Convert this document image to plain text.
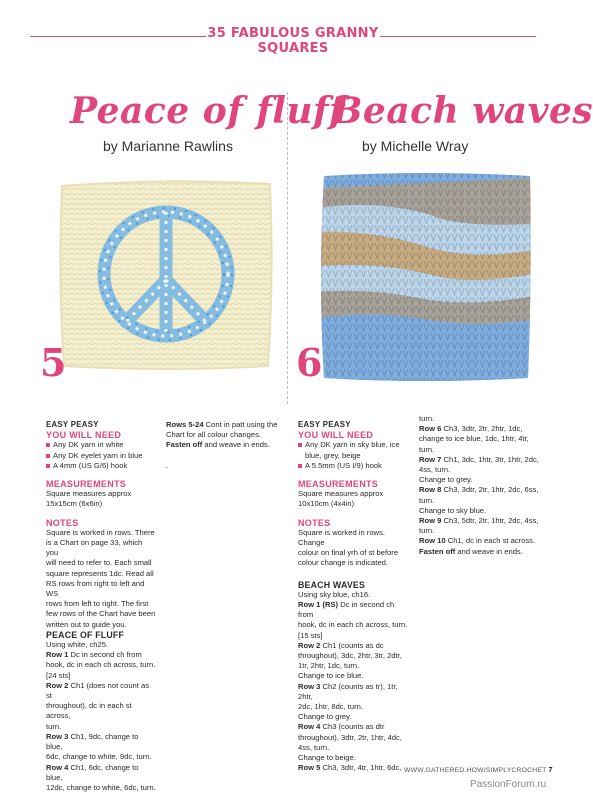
35 FABULOUS GRANNY SQUARES
Peace of fluff
by Marianne Rawlins
5
Beach waves
by Michelle Wray
6

EASY PEASY

YOU WILL NEED

Any DK yarn in white

Any DK eyelet yarn in blue

A 4mm (US G/6) hook

MEASUREMENTS

Square measures approx

15x15cm (6x6in)

NOTES

Square is worked in rows. There

is a Chart on page 33, which you

will need to refer to. Each small

square represents 1dc. Read all

RS rows from right to left and WS

rows from left to right. The first

few rows of the Chart have been

written out to guide you.

PEACE OF FLUFF

Using white, ch25.

Row 1 Dc in second ch from

hook, dc in each ch across, turn.

[24 sts]

Row 2 Ch1 (does not count as st

throughout), dc in each st across,

turn.

Row 3 Ch1, 9dc, change to blue,

6dc, change to white, 9dc, turn.

Row 4 Ch1, 6dc, change to blue,

12dc, change to white, 6dc, turn.

Rows 5-24 Cont in patt using the

Chart for all colour changes.

Fasten off and weave in ends.

.

EASY PEASY

YOU WILL NEED

Any DK yarn in sky blue, ice

blue, grey, beige

A 5.5mm (US I/9) hook

MEASUREMENTS

Square measures approx

10x10cm (4x4in)

NOTES

Square is worked in rows. Change

colour on final yrh of st before

colour change is indicated.

BEACH WAVES

Using sky blue, ch16.

Row 1 (RS) Dc in second ch from

hook, dc in each ch across, turn.

[15 sts]

Row 2 Ch1 (counts as dc

throughout), 3dc, 2htr, 3tr, 2dtr,

1tr, 2htr, 1dc, turn.

Change to ice blue.

Row 3 Ch2 (counts as tr), 1tr, 2htr,

2dc, 1htr, 8dc, turn.

Change to grey.

Row 4 Ch3 (counts as dtr

throughout), 3dtr, 2tr, 1htr, 4dc,

4ss, turn.

Change to beige.

Row 5 Ch3, 3dtr, 4tr, 1htr, 6dc,

turn.

Row 6 Ch3, 3dtr, 2tr, 2htr, 1dc,

change to ice blue, 1dc, 1htr, 4tr,

turn.

Row 7 Ch1, 3dc, 1htr, 3tr, 1htr, 2dc,

4ss, turn.

Change to grey.

Row 8 Ch3, 3dtr, 2tr, 1htr, 2dc, 6ss,

turn.

Change to sky blue.

Row 9 Ch3, 5dtr, 2tr, 1htr, 2dc, 4ss,

turn.

Row 10 Ch1, dc in each st across.

Fasten off and weave in ends.

WWW.GATHERED.HOW/SIMPLYCROCHET 7
PassionForum.ru
